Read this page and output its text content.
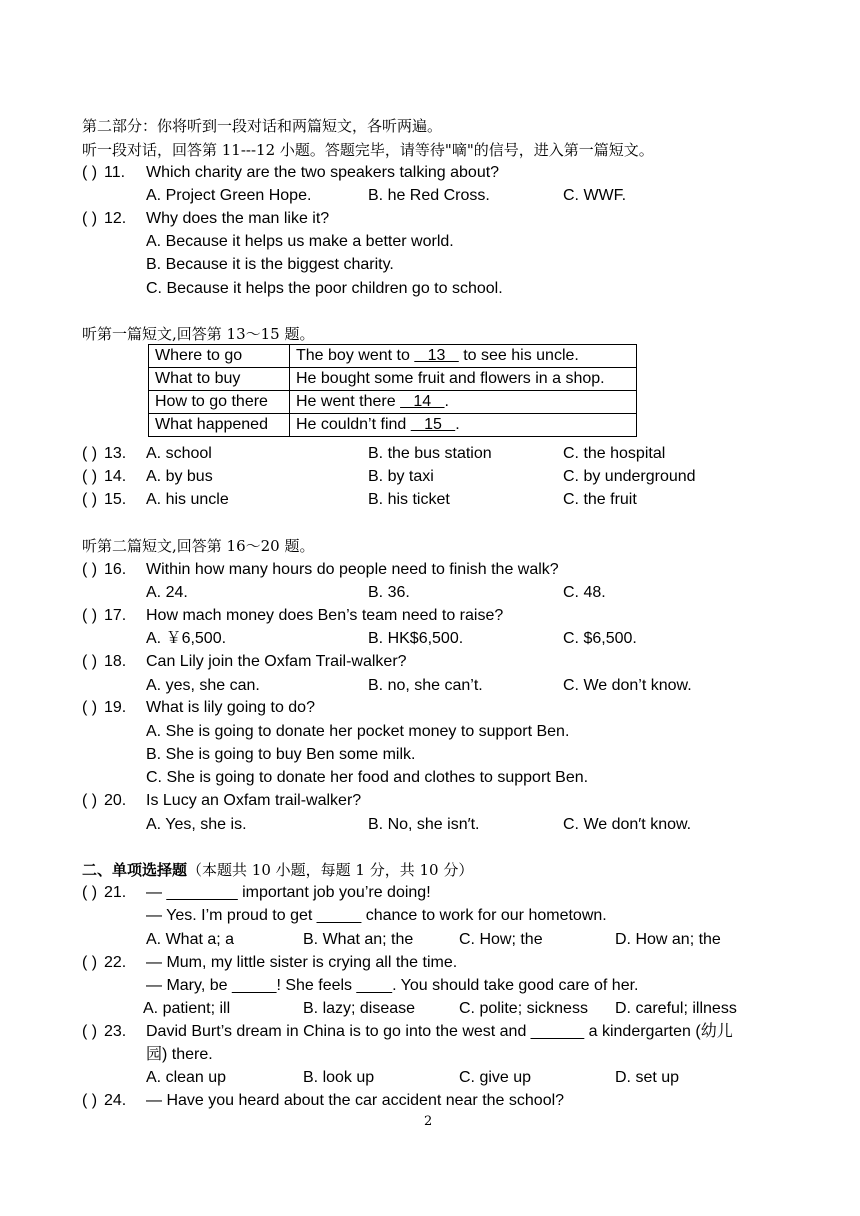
第二部分：你将听到一段对话和两篇短文，各听两遍。
听一段对话，回答第 11---12 小题。答题完毕，请等待"嘀"的信号，进入第一篇短文。
( ) 11. Which charity are the two speakers talking about?
A. Project Green Hope.	B. he Red Cross.	C. WWF.
( ) 12. Why does the man like it?
A. Because it helps us make a better world.
B. Because it is the biggest charity.
C. Because it helps the poor children go to school.
听第一篇短文,回答第 13～15 题。
Where to go	The boy went to    13    to see his uncle.
What to buy	He bought some fruit and flowers in a shop.
How to go there	He went there    14   .
What happened	He couldn’t find    15   .
( ) 13. A. school	B. the bus station	C. the hospital
( ) 14. A. by bus	B. by taxi	C. by underground
( ) 15. A. his uncle	B. his ticket	C. the fruit
听第二篇短文,回答第 16～20 题。
( ) 16. Within how many hours do people need to finish the walk?
A. 24.	B. 36.	C. 48.
( ) 17. How mach money does Ben’s team need to raise?
A. ￥6,500.	B. HK$6,500.	C. $6,500.
( ) 18. Can Lily join the Oxfam Trail-walker?
A. yes, she can.	B. no, she can’t.	C. We don’t know.
( ) 19. What is lily going to do?
A. She is going to donate her pocket money to support Ben.
B. She is going to buy Ben some milk.
C. She is going to donate her food and clothes to support Ben.
( ) 20. Is Lucy an Oxfam trail-walker?
A. Yes, she is.	B. No, she isn′t.	C. We don′t know.
二、单项选择题（本题共 10 小题，每题 1 分，共 10 分）
( ) 21. — ________ important job you’re doing!
— Yes. I’m proud to get _____ chance to work for our hometown.
A. What a; a	B. What an; the	C. How; the	D. How an; the
( ) 22. — Mum, my little sister is crying all the time.
— Mary, be _____! She feels ____. You should take good care of her.
A. patient; ill	B. lazy; disease	C. polite; sickness D. careful; illness
( ) 23. David Burt’s dream in China is to go into the west and ______ a kindergarten (幼儿
园) there.
A. clean up	B. look up	C. give up	D. set up
( ) 24. — Have you heard about the car accident near the school?
2
